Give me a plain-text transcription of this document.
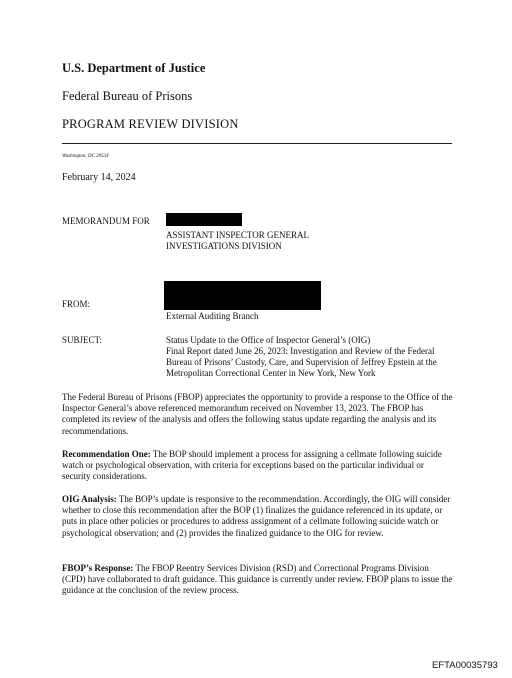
U.S. Department of Justice
Federal Bureau of Prisons
PROGRAM REVIEW DIVISION
Washington, DC 20534
February 14, 2024
MEMORANDUM FOR
ASSISTANT INSPECTOR GENERAL
INVESTIGATIONS DIVISION
FROM:
External Auditing Branch
SUBJECT:	Status Update to the Office of Inspector General’s (OIG)
Final Report dated June 26, 2023: Investigation and Review of the Federal
Bureau of Prisons’ Custody, Care, and Supervision of Jeffrey Epstein at the
Metropolitan Correctional Center in New York, New York
The Federal Bureau of Prisons (FBOP) appreciates the opportunity to provide a response to the Office of the Inspector General’s above referenced memorandum received on November 13, 2023. The FBOP has completed its review of the analysis and offers the following status update regarding the analysis and its recommendations.
Recommendation One: The BOP should implement a process for assigning a cellmate following suicide watch or psychological observation, with criteria for exceptions based on the particular individual or security considerations.
OIG Analysis: The BOP’s update is responsive to the recommendation. Accordingly, the OIG will consider whether to close this recommendation after the BOP (1) finalizes the guidance referenced in its update, or puts in place other policies or procedures to address assignment of a cellmate following suicide watch or psychological observation; and (2) provides the finalized guidance to the OIG for review.
FBOP’s Response: The FBOP Reentry Services Division (RSD) and Correctional Programs Division (CPD) have collaborated to draft guidance. This guidance is currently under review. FBOP plans to issue the guidance at the conclusion of the review process.
EFTA00035793
